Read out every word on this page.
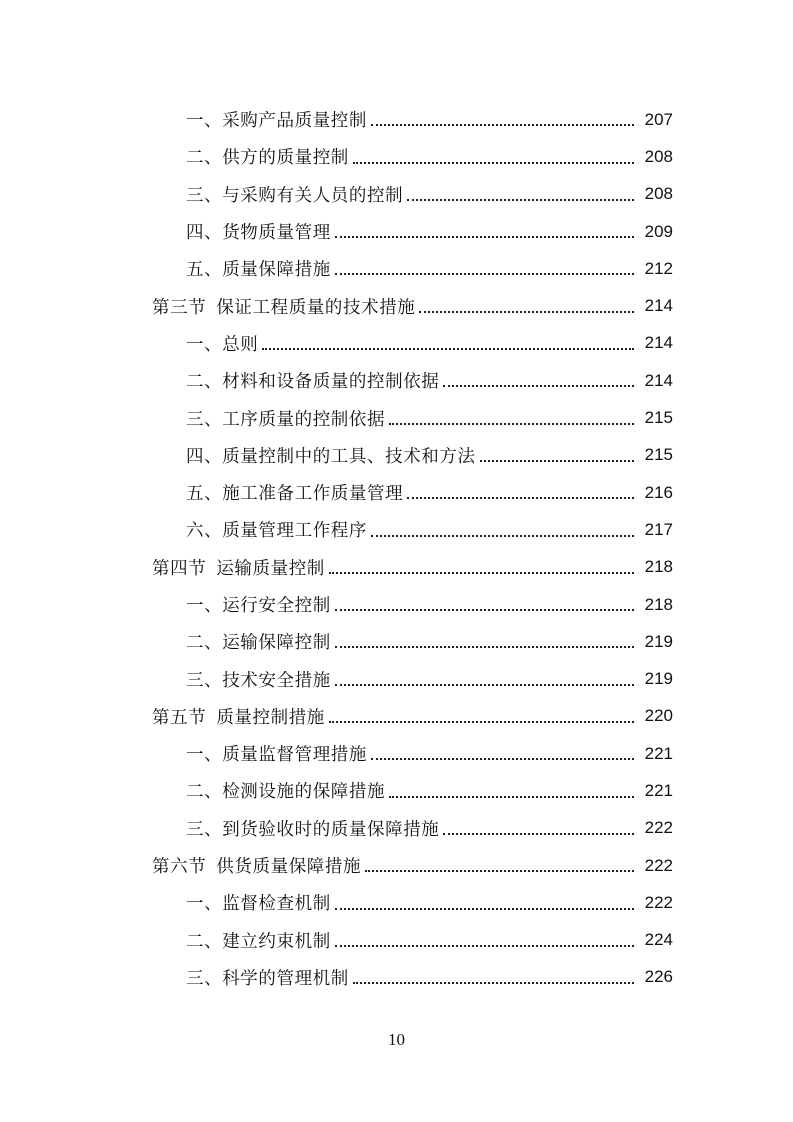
一、采购产品质量控制	207
二、供方的质量控制	208
三、与采购有关人员的控制	208
四、货物质量管理	209
五、质量保障措施	212
第三节 保证工程质量的技术措施	214
一、总则	214
二、材料和设备质量的控制依据	214
三、工序质量的控制依据	215
四、质量控制中的工具、技术和方法	215
五、施工准备工作质量管理	216
六、质量管理工作程序	217
第四节 运输质量控制	218
一、运行安全控制	218
二、运输保障控制	219
三、技术安全措施	219
第五节 质量控制措施	220
一、质量监督管理措施	221
二、检测设施的保障措施	221
三、到货验收时的质量保障措施	222
第六节 供货质量保障措施	222
一、监督检查机制	222
二、建立约束机制	224
三、科学的管理机制	226
10
